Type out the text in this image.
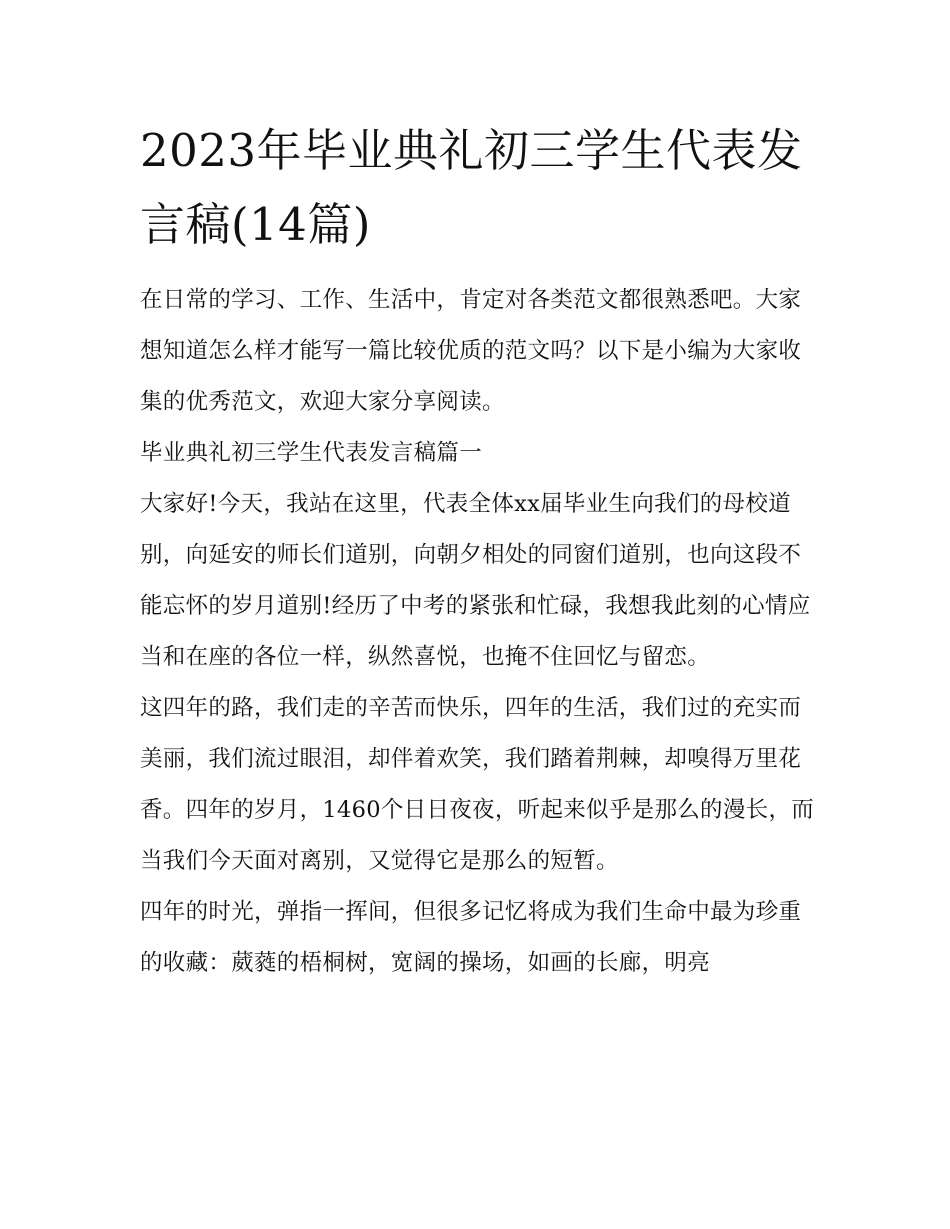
2023年毕业典礼初三学生代表发言稿(14篇)

在日常的学习、工作、生活中，肯定对各类范文都很熟悉吧。大家想知道怎么样才能写一篇比较优质的范文吗？以下是小编为大家收集的优秀范文，欢迎大家分享阅读。

毕业典礼初三学生代表发言稿篇一

大家好!今天，我站在这里，代表全体xx届毕业生向我们的母校道别，向延安的师长们道别，向朝夕相处的同窗们道别，也向这段不能忘怀的岁月道别!经历了中考的紧张和忙碌，我想我此刻的心情应当和在座的各位一样，纵然喜悦，也掩不住回忆与留恋。

这四年的路，我们走的辛苦而快乐，四年的生活，我们过的充实而美丽，我们流过眼泪，却伴着欢笑，我们踏着荆棘，却嗅得万里花香。四年的岁月，1460个日日夜夜，听起来似乎是那么的漫长，而当我们今天面对离别，又觉得它是那么的短暂。

四年的时光，弹指一挥间，但很多记忆将成为我们生命中最为珍重的收藏：葳蕤的梧桐树，宽阔的操场，如画的长廊，明亮
